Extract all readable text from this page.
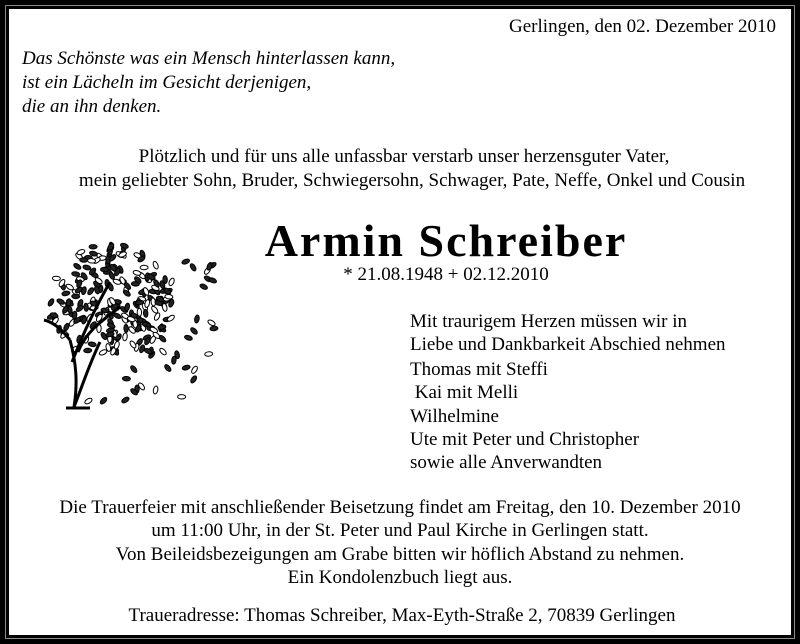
Gerlingen, den 02. Dezember 2010
Das Schönste was ein Mensch hinterlassen kann,
ist ein Lächeln im Gesicht derjenigen,
die an ihn denken.
Plötzlich und für uns alle unfassbar verstarb unser herzensguter Vater,
mein geliebter Sohn, Bruder, Schwiegersohn, Schwager, Pate, Neffe, Onkel und Cousin
Armin Schreiber
* 21.08.1948 + 02.12.2010
Mit traurigem Herzen müssen wir in
Liebe und Dankbarkeit Abschied nehmen
Thomas mit Steffi
Kai mit Melli
Wilhelmine
Ute mit Peter und Christopher
sowie alle Anverwandten
Die Trauerfeier mit anschließender Beisetzung findet am Freitag, den 10. Dezember 2010
um 11:00 Uhr, in der St. Peter und Paul Kirche in Gerlingen statt.
Von Beileidsbezeigungen am Grabe bitten wir höflich Abstand zu nehmen.
Ein Kondolenzbuch liegt aus.
Traueradresse: Thomas Schreiber, Max-Eyth-Straße 2, 70839 Gerlingen
